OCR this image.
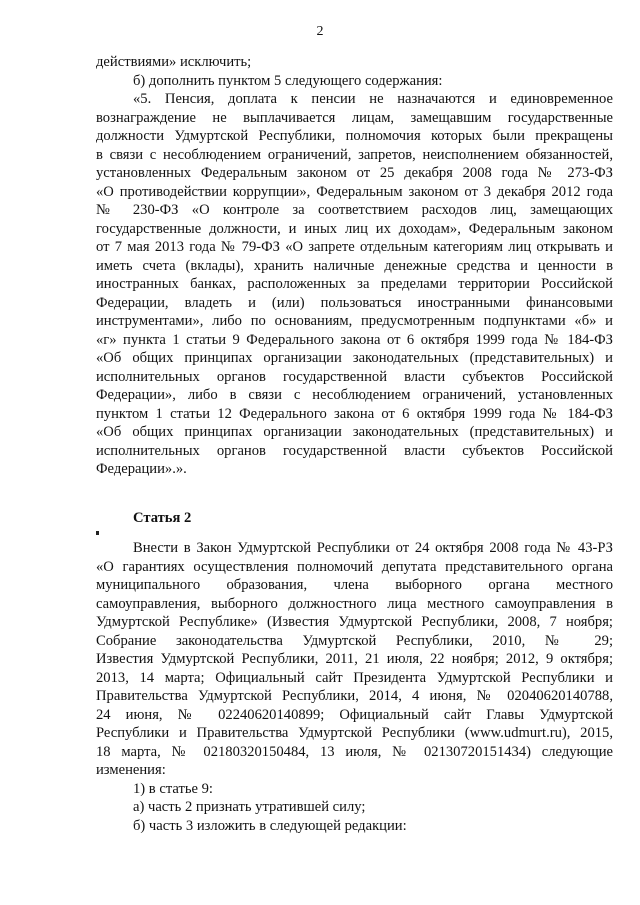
2
действиями» исключить;
б) дополнить пунктом 5 следующего содержания:
«5. Пенсия, доплата к пенсии не назначаются и единовременное
вознаграждение не выплачивается лицам, замещавшим государственные
должности Удмуртской Республики, полномочия которых были прекращены
в связи с несоблюдением ограничений, запретов, неисполнением обязанностей,
установленных Федеральным законом от 25 декабря 2008 года № 273-ФЗ
«О противодействии коррупции», Федеральным законом от 3 декабря 2012 года
№ 230-ФЗ «О контроле за соответствием расходов лиц, замещающих
государственные должности, и иных лиц их доходам», Федеральным законом
от 7 мая 2013 года № 79-ФЗ «О запрете отдельным категориям лиц открывать и
иметь счета (вклады), хранить наличные денежные средства и ценности в
иностранных банках, расположенных за пределами территории Российской
Федерации, владеть и (или) пользоваться иностранными финансовыми
инструментами», либо по основаниям, предусмотренным подпунктами «б» и
«г» пункта 1 статьи 9 Федерального закона от 6 октября 1999 года № 184-ФЗ
«Об общих принципах организации законодательных (представительных) и
исполнительных органов государственной власти субъектов Российской
Федерации», либо в связи с несоблюдением ограничений, установленных
пунктом 1 статьи 12 Федерального закона от 6 октября 1999 года № 184-ФЗ
«Об общих принципах организации законодательных (представительных) и
исполнительных органов государственной власти субъектов Российской
Федерации».».
Статья 2
Внести в Закон Удмуртской Республики от 24 октября 2008 года № 43-РЗ
«О гарантиях осуществления полномочий депутата представительного органа
муниципального образования, члена выборного органа местного
самоуправления, выборного должностного лица местного самоуправления в
Удмуртской Республике» (Известия Удмуртской Республики, 2008, 7 ноября;
Собрание законодательства Удмуртской Республики, 2010, № 29;
Известия Удмуртской Республики, 2011, 21 июля, 22 ноября; 2012, 9 октября;
2013, 14 марта; Официальный сайт Президента Удмуртской Республики и
Правительства Удмуртской Республики, 2014, 4 июня, № 02040620140788,
24 июня, № 02240620140899; Официальный сайт Главы Удмуртской
Республики и Правительства Удмуртской Республики (www.udmurt.ru), 2015,
18 марта, № 02180320150484, 13 июля, № 02130720151434) следующие
изменения:
1) в статье 9:
а) часть 2 признать утратившей силу;
б) часть 3 изложить в следующей редакции:
